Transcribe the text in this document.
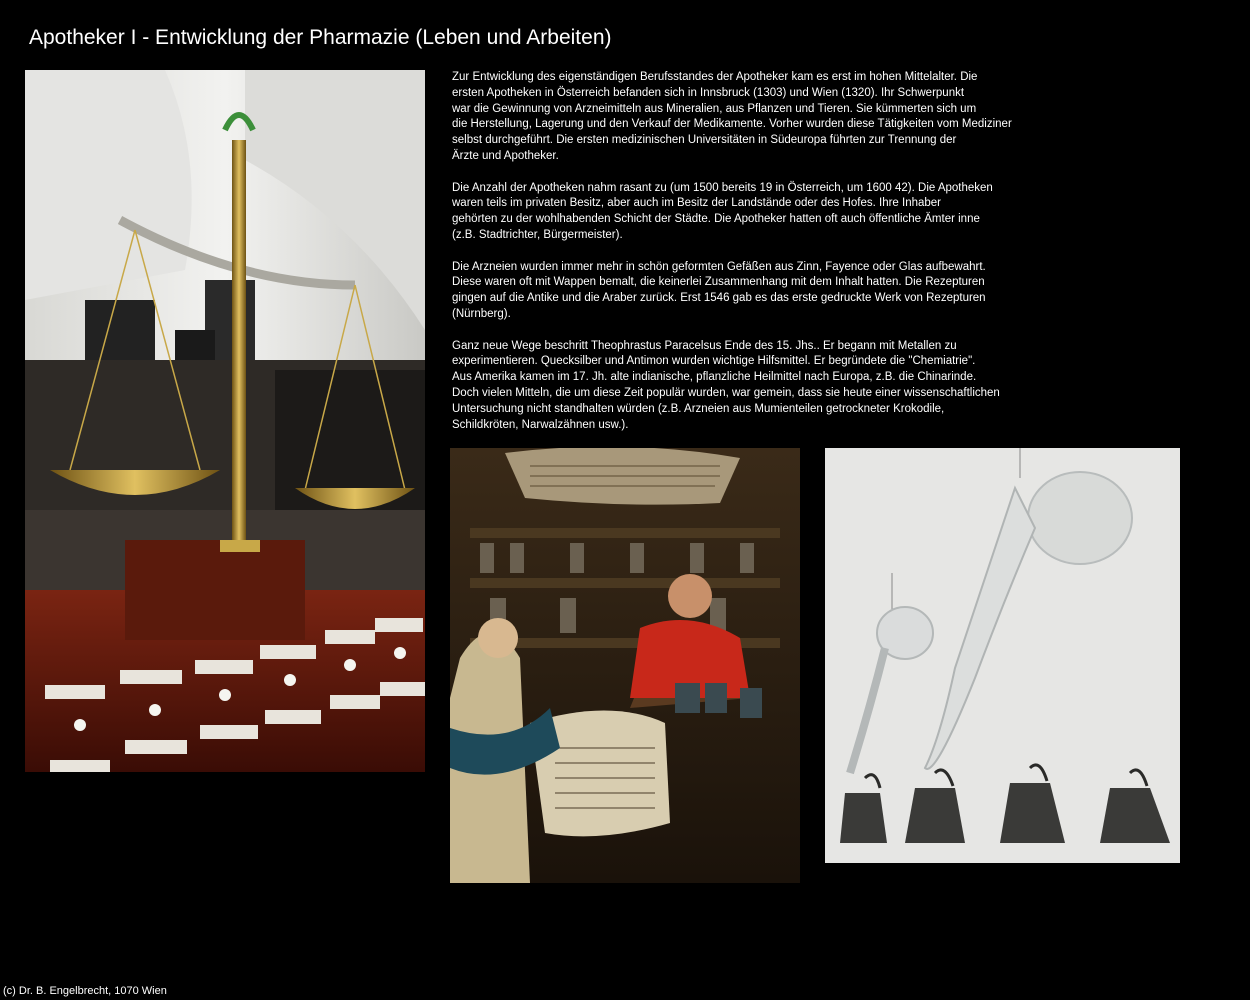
Apotheker I - Entwicklung der Pharmazie (Leben und Arbeiten)

Zur Entwicklung des eigenständigen Berufsstandes der Apotheker kam es erst im hohen Mittelalter. Die
ersten Apotheken in Österreich befanden sich in Innsbruck (1303) und Wien (1320). Ihr Schwerpunkt
war die Gewinnung von Arzneimitteln aus Mineralien, aus Pflanzen und Tieren. Sie kümmerten sich um
die Herstellung, Lagerung und den Verkauf der Medikamente. Vorher wurden diese Tätigkeiten vom Mediziner
selbst durchgeführt. Die ersten medizinischen Universitäten in Südeuropa führten zur Trennung der
Ärzte und Apotheker.

Die Anzahl der Apotheken nahm rasant zu (um 1500 bereits 19 in Österreich, um 1600 42). Die Apotheken
waren teils im privaten Besitz, aber auch im Besitz der Landstände oder des Hofes. Ihre Inhaber
gehörten zu der wohlhabenden Schicht der Städte. Die Apotheker hatten oft auch öffentliche Ämter inne
(z.B. Stadtrichter, Bürgermeister).

Die Arzneien wurden immer mehr in schön geformten Gefäßen aus Zinn, Fayence oder Glas aufbewahrt.
Diese waren oft mit Wappen bemalt, die keinerlei Zusammenhang mit dem Inhalt hatten. Die Rezepturen
gingen auf die Antike und die Araber zurück. Erst 1546 gab es das erste gedruckte Werk von Rezepturen
(Nürnberg).

Ganz neue Wege beschritt Theophrastus Paracelsus Ende des 15. Jhs.. Er begann mit Metallen zu
experimentieren. Quecksilber und Antimon wurden wichtige Hilfsmittel. Er begründete die "Chemiatrie".
Aus Amerika kamen im 17. Jh. alte indianische, pflanzliche Heilmittel nach Europa, z.B. die Chinarinde.
Doch vielen Mitteln, die um diese Zeit populär wurden, war gemein, dass sie heute einer wissenschaftlichen
Untersuchung nicht standhalten würden (z.B. Arzneien aus Mumienteilen getrockneter Krokodile,
Schildkröten, Narwalzähnen usw.).

(c) Dr. B. Engelbrecht, 1070 Wien
